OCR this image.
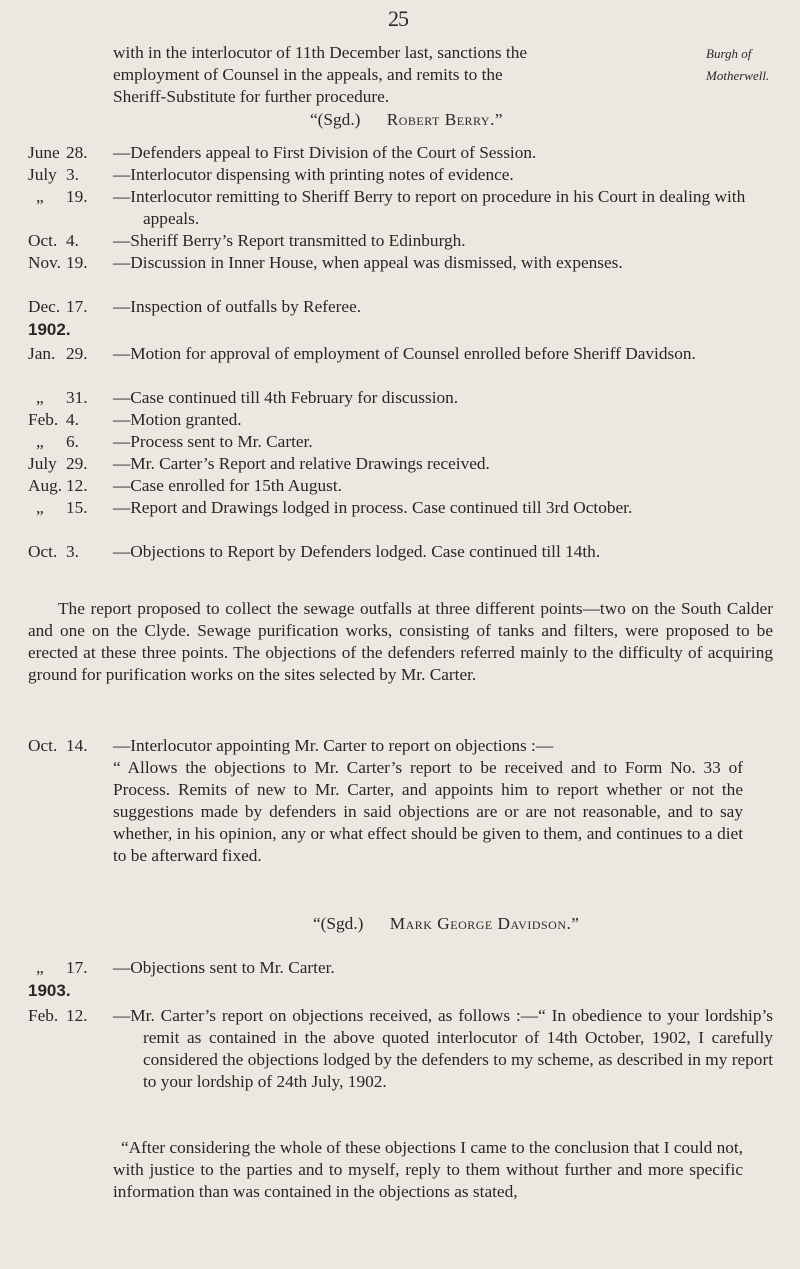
25
with in the interlocutor of 11th December last, sanctions the
employment of Counsel in the appeals, and remits to the
Sheriff-Substitute for further procedure.
Burgh of
Motherwell.
“(Sgd.) Robert Berry.”
June 28. —Defenders appeal to First Division of the Court of Session.
July 3. —Interlocutor dispensing with printing notes of evidence.
„ 19. —Interlocutor remitting to Sheriff Berry to report on procedure in his Court in dealing with appeals.
Oct. 4. —Sheriff Berry’s Report transmitted to Edinburgh.
Nov. 19. —Discussion in Inner House, when appeal was dismissed, with expenses.
Dec. 17. —Inspection of outfalls by Referee.
1902.
Jan. 29. —Motion for approval of employment of Counsel enrolled before Sheriff Davidson.
„ 31. —Case continued till 4th February for discussion.
Feb. 4. —Motion granted.
„ 6. —Process sent to Mr. Carter.
July 29. —Mr. Carter’s Report and relative Drawings received.
Aug. 12. —Case enrolled for 15th August.
„ 15. —Report and Drawings lodged in process. Case continued till 3rd October.
Oct. 3. —Objections to Report by Defenders lodged. Case continued till 14th.

The report proposed to collect the sewage outfalls at three different points—two on the South Calder and one on the Clyde. Sewage purification works, consisting of tanks and filters, were proposed to be erected at these three points. The objections of the defenders referred mainly to the difficulty of acquiring ground for purification works on the sites selected by Mr. Carter.

Oct. 14. —Interlocutor appointing Mr. Carter to report on objections :—

“ Allows the objections to Mr. Carter’s report to be received and to Form No. 33 of Process. Remits of new to Mr. Carter, and appoints him to report whether or not the suggestions made by defenders in said objections are or are not reasonable, and to say whether, in his opinion, any or what effect should be given to them, and continues to a diet to be afterward fixed.

“(Sgd.) Mark George Davidson.”
„ 17. —Objections sent to Mr. Carter.
1903.
Feb. 12. —Mr. Carter’s report on objections received, as follows :—“ In obedience to your lordship’s remit as contained in the above quoted interlocutor of 14th October, 1902, I carefully considered the objections lodged by the defenders to my scheme, as described in my report to your lordship of 24th July, 1902.

“After considering the whole of these objections I came to the conclusion that I could not, with justice to the parties and to myself, reply to them without further and more specific information than was contained in the objections as stated,
